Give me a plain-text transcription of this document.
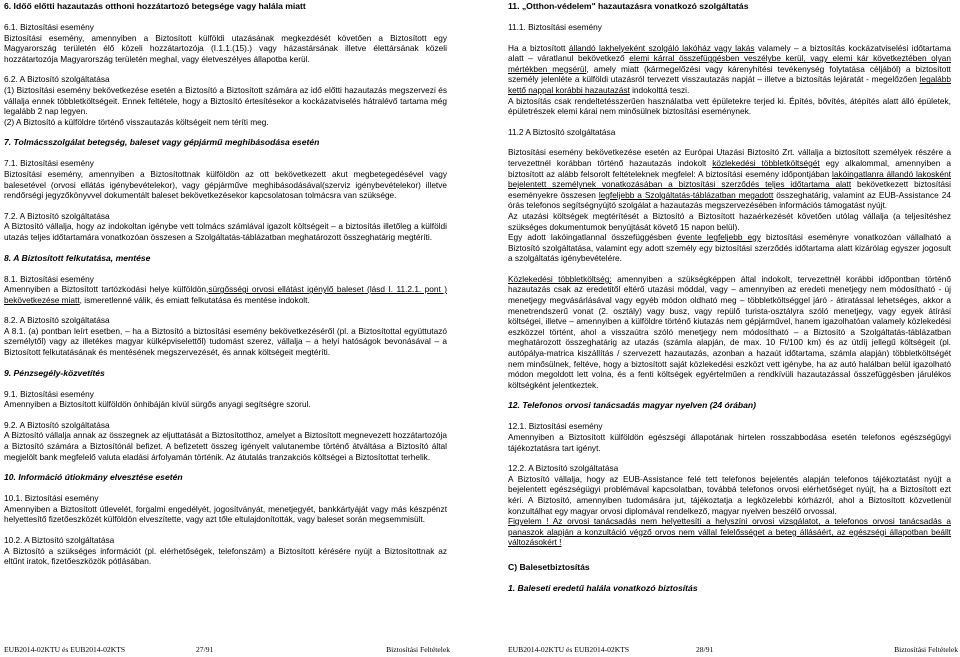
6. Időő előtti hazautazás otthoni hozzátartozó betegsége vagy halála miatt

6.1. Biztosítási esemény

Biztosítási esemény, amennyiben a Biztosított külföldi utazásának megkezdését követően a Biztosított egy Magyarország területén élő közeli hozzátartozója (I.1.1.(15).) vagy házastársának illetve élettársának közeli hozzátartozója Magyarország területén meghal, vagy életveszélyes állapotba kerül.

6.2. A Biztosító szolgáltatása

(1) Biztosítási esemény bekövetkezése esetén a Biztosító a Biztosított számára az idő előtti hazautazás megszervezi és vállalja ennek többletköltségeit. Ennek feltétele, hogy a Biztosító értesítésekor a kockázatviselés hátralévő tartama még legalább 2 nap legyen.

(2) A Biztosító a külföldre történő visszautazás költségeit nem téríti meg.

7. Tolmácsszolgálat betegség, baleset vagy gépjármű meghibásodása esetén

7.1. Biztosítási esemény

Biztosítási esemény, amennyiben a Biztosítottnak külföldön az ott bekövetkezett akut megbetegedésével vagy balesetével (orvosi ellátás igénybevételekor), vagy gépjárműve meghibásodásával(szerviz igénybevételekor) illetve rendőrségi jegyzőkönyvvel dokumentált baleset bekövetkezésekor kapcsolatosan tolmácsra van szüksége.

7.2. A Biztosító szolgáltatása

A Biztosító vállalja, hogy az indokoltan igénybe vett tolmács számlával igazolt költségeit – a biztosítás illetőleg a külföldi utazás teljes időtartamára vonatkozóan összesen a Szolgáltatás-táblázatban meghatározott összeghatárig megtéríti.

8. A Biztosított felkutatása, mentése

8.1. Biztosítási esemény

Amennyiben a Biztosított tartózkodási helye külföldön,sürgősségi orvosi ellátást igénylő baleset (lásd I. 11.2.1. pont ) bekövetkezése miatt, ismeretlenné válik, és emiatt felkutatása és mentése indokolt.

8.2. A Biztosító szolgáltatása

A 8.1. (a) pontban leírt esetben, – ha a Biztosító a biztosítási esemény bekövetkezéséről (pl. a Biztosítottal együttutazó személytől) vagy az illetékes magyar külképviselettől) tudomást szerez, vállalja – a helyi hatóságok bevonásával – a Biztosított felkutatásának és mentésének megszervezését, és annak költségeit megtéríti.

9. Pénzsegély-közvetítés

9.1. Biztosítási esemény

Amennyiben a Biztosított külföldön önhibáján kívül sürgős anyagi segítségre szorul.

9.2. A Biztosító szolgáltatása

A Biztosító vállalja annak az összegnek az eljuttatását a Biztosítotthoz, amelyet a Biztosított megnevezett hozzátartozója a Biztosító számára a Biztosítónál befizet. A befizetett összeg igényelt valutanembe történő átváltása a Biztosító által megjelölt bank megfelelő valuta eladási árfolyamán történik. Az átutalás tranzakciós költségei a Biztosítottat terhelik.

10. Információ útiokmány elvesztése esetén

10.1. Biztosítási esemény

Amennyiben a Biztosított útlevelét, forgalmi engedélyét, jogosítványát, menetjegyét, bankkártyáját vagy más készpénzt helyettesítő fizetőeszközét külföldön elveszítette, vagy azt tőle eltulajdonították, vagy baleset során megsemmisült.

10.2. A Biztosító szolgáltatása

A Biztosító a szükséges információt (pl. elérhetőségek, telefonszám) a Biztosított kérésére nyújt a Biztosítottnak az eltűnt iratok, fizetőeszközök pótlásában.

11. „Otthon-védelem" hazautazásra vonatkozó szolgáltatás

11.1. Biztosítási esemény

Ha a biztosított állandó lakhelyeként szolgáló lakóház vagy lakás valamely – a biztosítás kockázatviselési időtartama alatt – váratlanul bekövetkező elemi kárral összefüggésben veszélybe kerül, vagy elemi kár következtében olyan mértékben megsérül, amely miatt (kármegelőzési vagy kárenyhítési tevékenység folytatása céljából) a biztosított személy jelenléte a külföldi utazásról tervezett visszautazás napját – illetve a biztosítás lejáratát - megelőzően legalább kettő nappal korábbi hazautazást indokolttá teszi.

A biztosítás csak rendeltetésszerűen használatba vett épületekre terjed ki. Építés, bővítés, átépítés alatt álló épületek, épületrészek elemi kárai nem minősülnek biztosítási eseménynek.

11.2 A Biztosító szolgáltatása

Biztosítási esemény bekövetkezése esetén az Európai Utazási Biztosító Zrt. vállalja a biztosított személyek részére a tervezettnél korábban történő hazautazás indokolt közlekedési többletköltségét egy alkalommal, amennyiben a biztosított az alább felsorolt feltételeknek megfelel: A biztosítási esemény időpontjában lakóingatlanra állandó lakosként bejelentett személynek vonatkozásában a biztosítási szerződés teljes időtartama alatt bekövetkezett biztosítási eseményekre összesen legfeljebb a Szolgáltatás-táblázatban megadott összeghatárig, valamint az EUB-Assistance 24 órás telefonos segítségnyújtó szolgálat a hazautazás megszervezésében információs támogatást nyújt.

Az utazási költségek megtérítését a Biztosító a Biztosított hazaérkezését követően utólag vállalja (a teljesítéshez szükséges dokumentumok benyújtását követő 15 napon belül).

Egy adott lakóingatlannal összefüggésben évente legfeljebb egy biztosítási eseményre vonatkozóan vállalható a Biztosító szolgáltatása, valamint egy adott személy egy biztosítási szerződés időtartama alatt kizárólag egyszer jogosult a szolgáltatás igénybevételére.

Közlekedési többletköltség: amennyiben a szükségképpen által indokolt, tervezettnél korábbi időpontban történő hazautazás csak az eredetitől eltérő utazási móddal, vagy – amennyiben az eredeti menetjegy nem módosítható - új menetjegy megvásárlásával vagy egyéb módon oldható meg – többletköltséggel járó - átiratással lehetséges, akkor a menetrendszerű vonat (2. osztály) vagy busz, vagy repülő turista-osztályra szóló menetjegy, vagy egyek átírási költségei, illetve – amennyiben a külföldre történő kiutazás nem gépjárművel, hanem igazolhatóan valamely közlekedési eszközzel történt, ahol a visszaútra szóló menetjegy nem módosítható – a Biztosító a Szolgáltatás-táblázatban meghatározott összeghatárig az utazás (számla alapján, de max. 10 Ft/100 km) és az útdíj jellegű költségeit (pl. autópálya-matrica kiszállítás / szervezett hazautazás, azonban a hazaút időtartama, számla alapján) többletköltségét nem minősülnek, feltéve, hogy a biztosított saját közlekedési eszközt vett igénybe, ha az autó halálban belül igazolható módon megoldott lett volna, és a fenti költségek egyértelműen a rendkívüli hazautazással összefüggésben járulékos költségként jelentkeztek.

12. Telefonos orvosi tanácsadás magyar nyelven (24 órában)

12.1. Biztosítási esemény

Amennyiben a Biztosított külföldön egészségi állapotának hirtelen rosszabbodása esetén telefonos egészségügyi tájékoztatásra tart igényt.

12.2. A Biztosító szolgáltatása

A Biztosító vállalja, hogy az EUB-Assistance felé tett telefonos bejelentés alapján telefonos tájékoztatást nyújt a bejelentett egészségügyi problémával kapcsolatban, továbbá telefonos orvosi elérhetőséget nyújt, ha a Biztosított ezt kéri. A Biztosító, amennyiben tudomására jut, tájékoztatja a legközelebbi kórházról, ahol a Biztosított közvetlenül konzultálhat egy magyar orvosi diplomával rendelkező, magyar nyelven beszélő orvossal.

Figyelem ! Az orvosi tanácsadás nem helyettesíti a helyszíni orvosi vizsgálatot, a telefonos orvosi tanácsadás a panaszok alapján a konzultáció végző orvos nem vállal felelősséget a beteg állásáért, az egészségi állapotban beállt változásokért !

C) Balesetbiztosítás

1. Baleseti eredetű halála vonatkozó biztosítás

EUB2014-02KTU és EUB2014-02KTS	27/91	Biztosítási Feltételek	EUB2014-02KTU és EUB2014-02KTS	28/91	Biztosítási Feltételek
